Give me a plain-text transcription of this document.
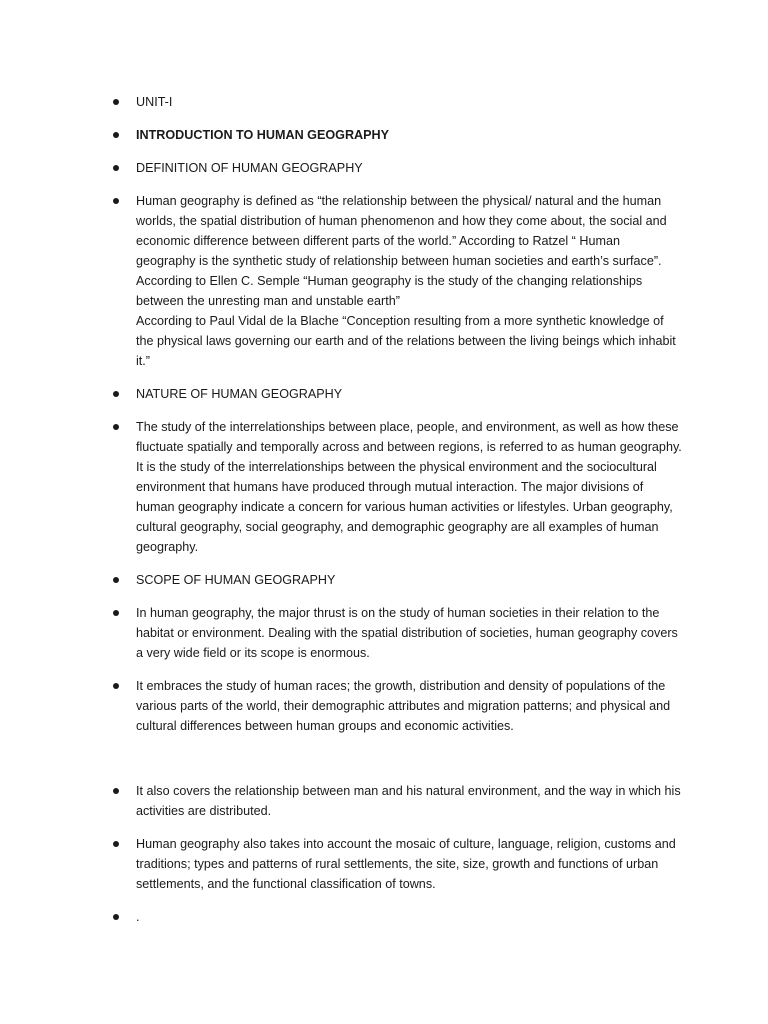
UNIT-I
INTRODUCTION TO HUMAN GEOGRAPHY
DEFINITION OF HUMAN GEOGRAPHY
Human geography is defined as “the relationship between the physical/ natural and the human worlds, the spatial distribution of human phenomenon and how they come about, the social and economic difference between different parts of the world.” According to Ratzel “ Human geography is the synthetic study of relationship between human societies and earth’s surface”.
According to Ellen C. Semple “Human geography is the study of the changing relationships between the unresting man and unstable earth”
According to Paul Vidal de la Blache “Conception resulting from a more synthetic knowledge of the physical laws governing our earth and of the relations between the living beings which inhabit it.”
NATURE OF HUMAN GEOGRAPHY
The study of the interrelationships between place, people, and environment, as well as how these fluctuate spatially and temporally across and between regions, is referred to as human geography. It is the study of the interrelationships between the physical environment and the sociocultural environment that humans have produced through mutual interaction. The major divisions of human geography indicate a concern for various human activities or lifestyles. Urban geography, cultural geography, social geography, and demographic geography are all examples of human geography.
SCOPE OF HUMAN GEOGRAPHY
In human geography, the major thrust is on the study of human societies in their relation to the habitat or environment. Dealing with the spatial distribution of societies, human geography covers a very wide field or its scope is enormous.
It embraces the study of human races; the growth, distribution and density of populations of the various parts of the world, their demographic attributes and migration patterns; and physical and cultural differences between human groups and economic activities.
It also covers the relationship between man and his natural environment, and the way in which his activities are distributed.
Human geography also takes into account the mosaic of culture, language, religion, customs and traditions; types and patterns of rural settlements, the site, size, growth and functions of urban settlements, and the functional classification of towns.
.
